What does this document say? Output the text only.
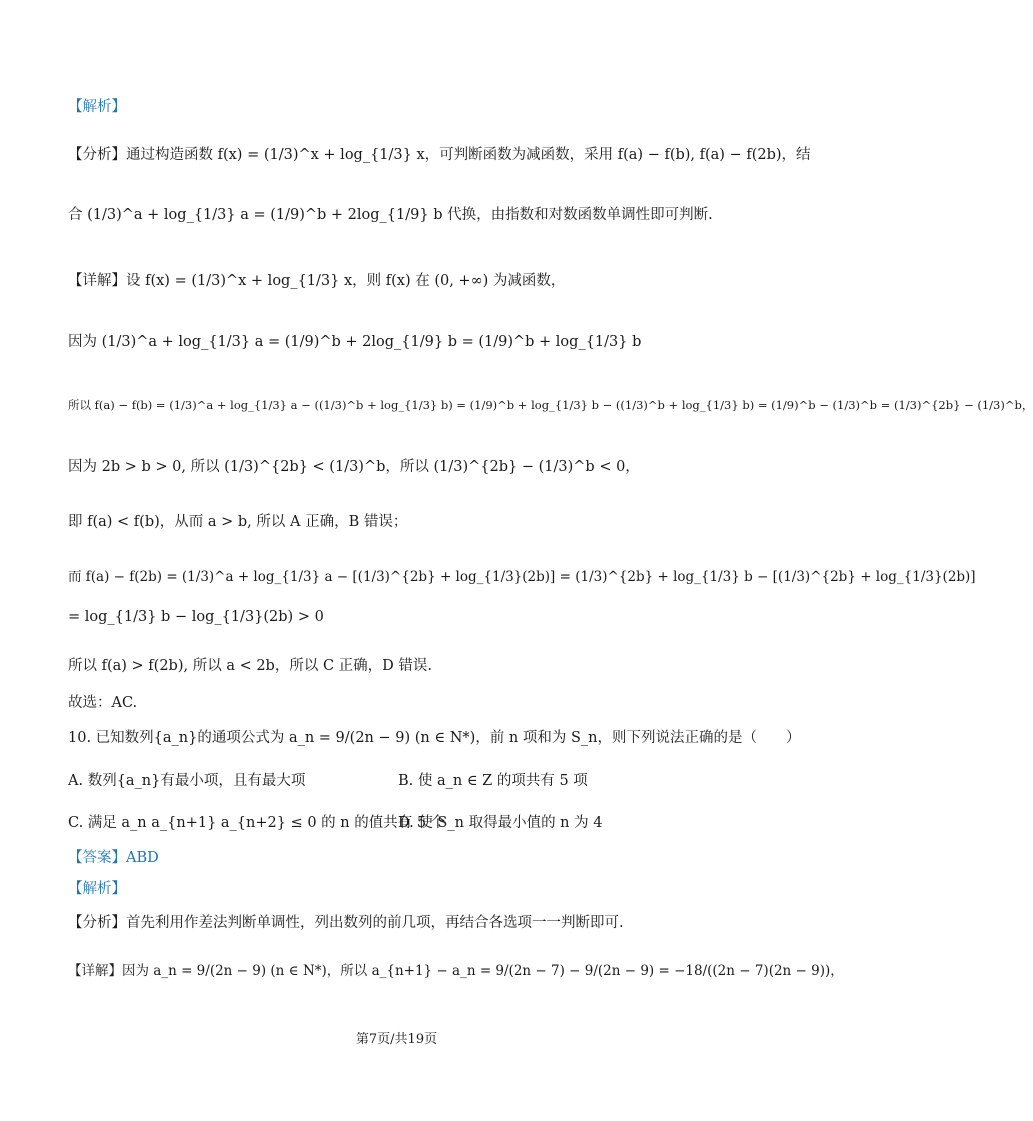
【解析】
【分析】通过构造函数 f(x) = (1/3)^x + log_{1/3} x，可判断函数为减函数，采用 f(a) − f(b), f(a) − f(2b)，结
合 (1/3)^a + log_{1/3} a = (1/9)^b + 2log_{1/9} b 代换，由指数和对数函数单调性即可判断.
【详解】设 f(x) = (1/3)^x + log_{1/3} x，则 f(x) 在 (0, +∞) 为减函数，
因为 (1/3)^a + log_{1/3} a = (1/9)^b + 2log_{1/9} b = (1/9)^b + log_{1/3} b
所以 f(a) − f(b) = (1/3)^a + log_{1/3} a − ((1/3)^b + log_{1/3} b) = (1/9)^b + log_{1/3} b − ((1/3)^b + log_{1/3} b) = (1/9)^b − (1/3)^b = (1/3)^{2b} − (1/3)^b，
因为 2b > b > 0, 所以 (1/3)^{2b} < (1/3)^b，所以 (1/3)^{2b} − (1/3)^b < 0，
即 f(a) < f(b)，从而 a > b, 所以 A 正确，B 错误；
而 f(a) − f(2b) = (1/3)^a + log_{1/3} a − [(1/3)^{2b} + log_{1/3}(2b)] = (1/3)^{2b} + log_{1/3} b − [(1/3)^{2b} + log_{1/3}(2b)]
= log_{1/3} b − log_{1/3}(2b) > 0
所以 f(a) > f(2b), 所以 a < 2b，所以 C 正确，D 错误.
故选：AC.
10. 已知数列{a_n}的通项公式为 a_n = 9/(2n − 9) (n ∈ N*)，前 n 项和为 S_n，则下列说法正确的是（　　）
A. 数列{a_n}有最小项，且有最大项	B. 使 a_n ∈ Z 的项共有 5 项
C. 满足 a_n a_{n+1} a_{n+2} ≤ 0 的 n 的值共有 5 个
D. 使 S_n 取得最小值的 n 为 4
【答案】ABD
【解析】
【分析】首先利用作差法判断单调性，列出数列的前几项，再结合各选项一一判断即可.
【详解】因为 a_n = 9/(2n − 9) (n ∈ N*)，所以 a_{n+1} − a_n = 9/(2n − 7) − 9/(2n − 9) = −18/((2n − 7)(2n − 9))，
第7页/共19页
